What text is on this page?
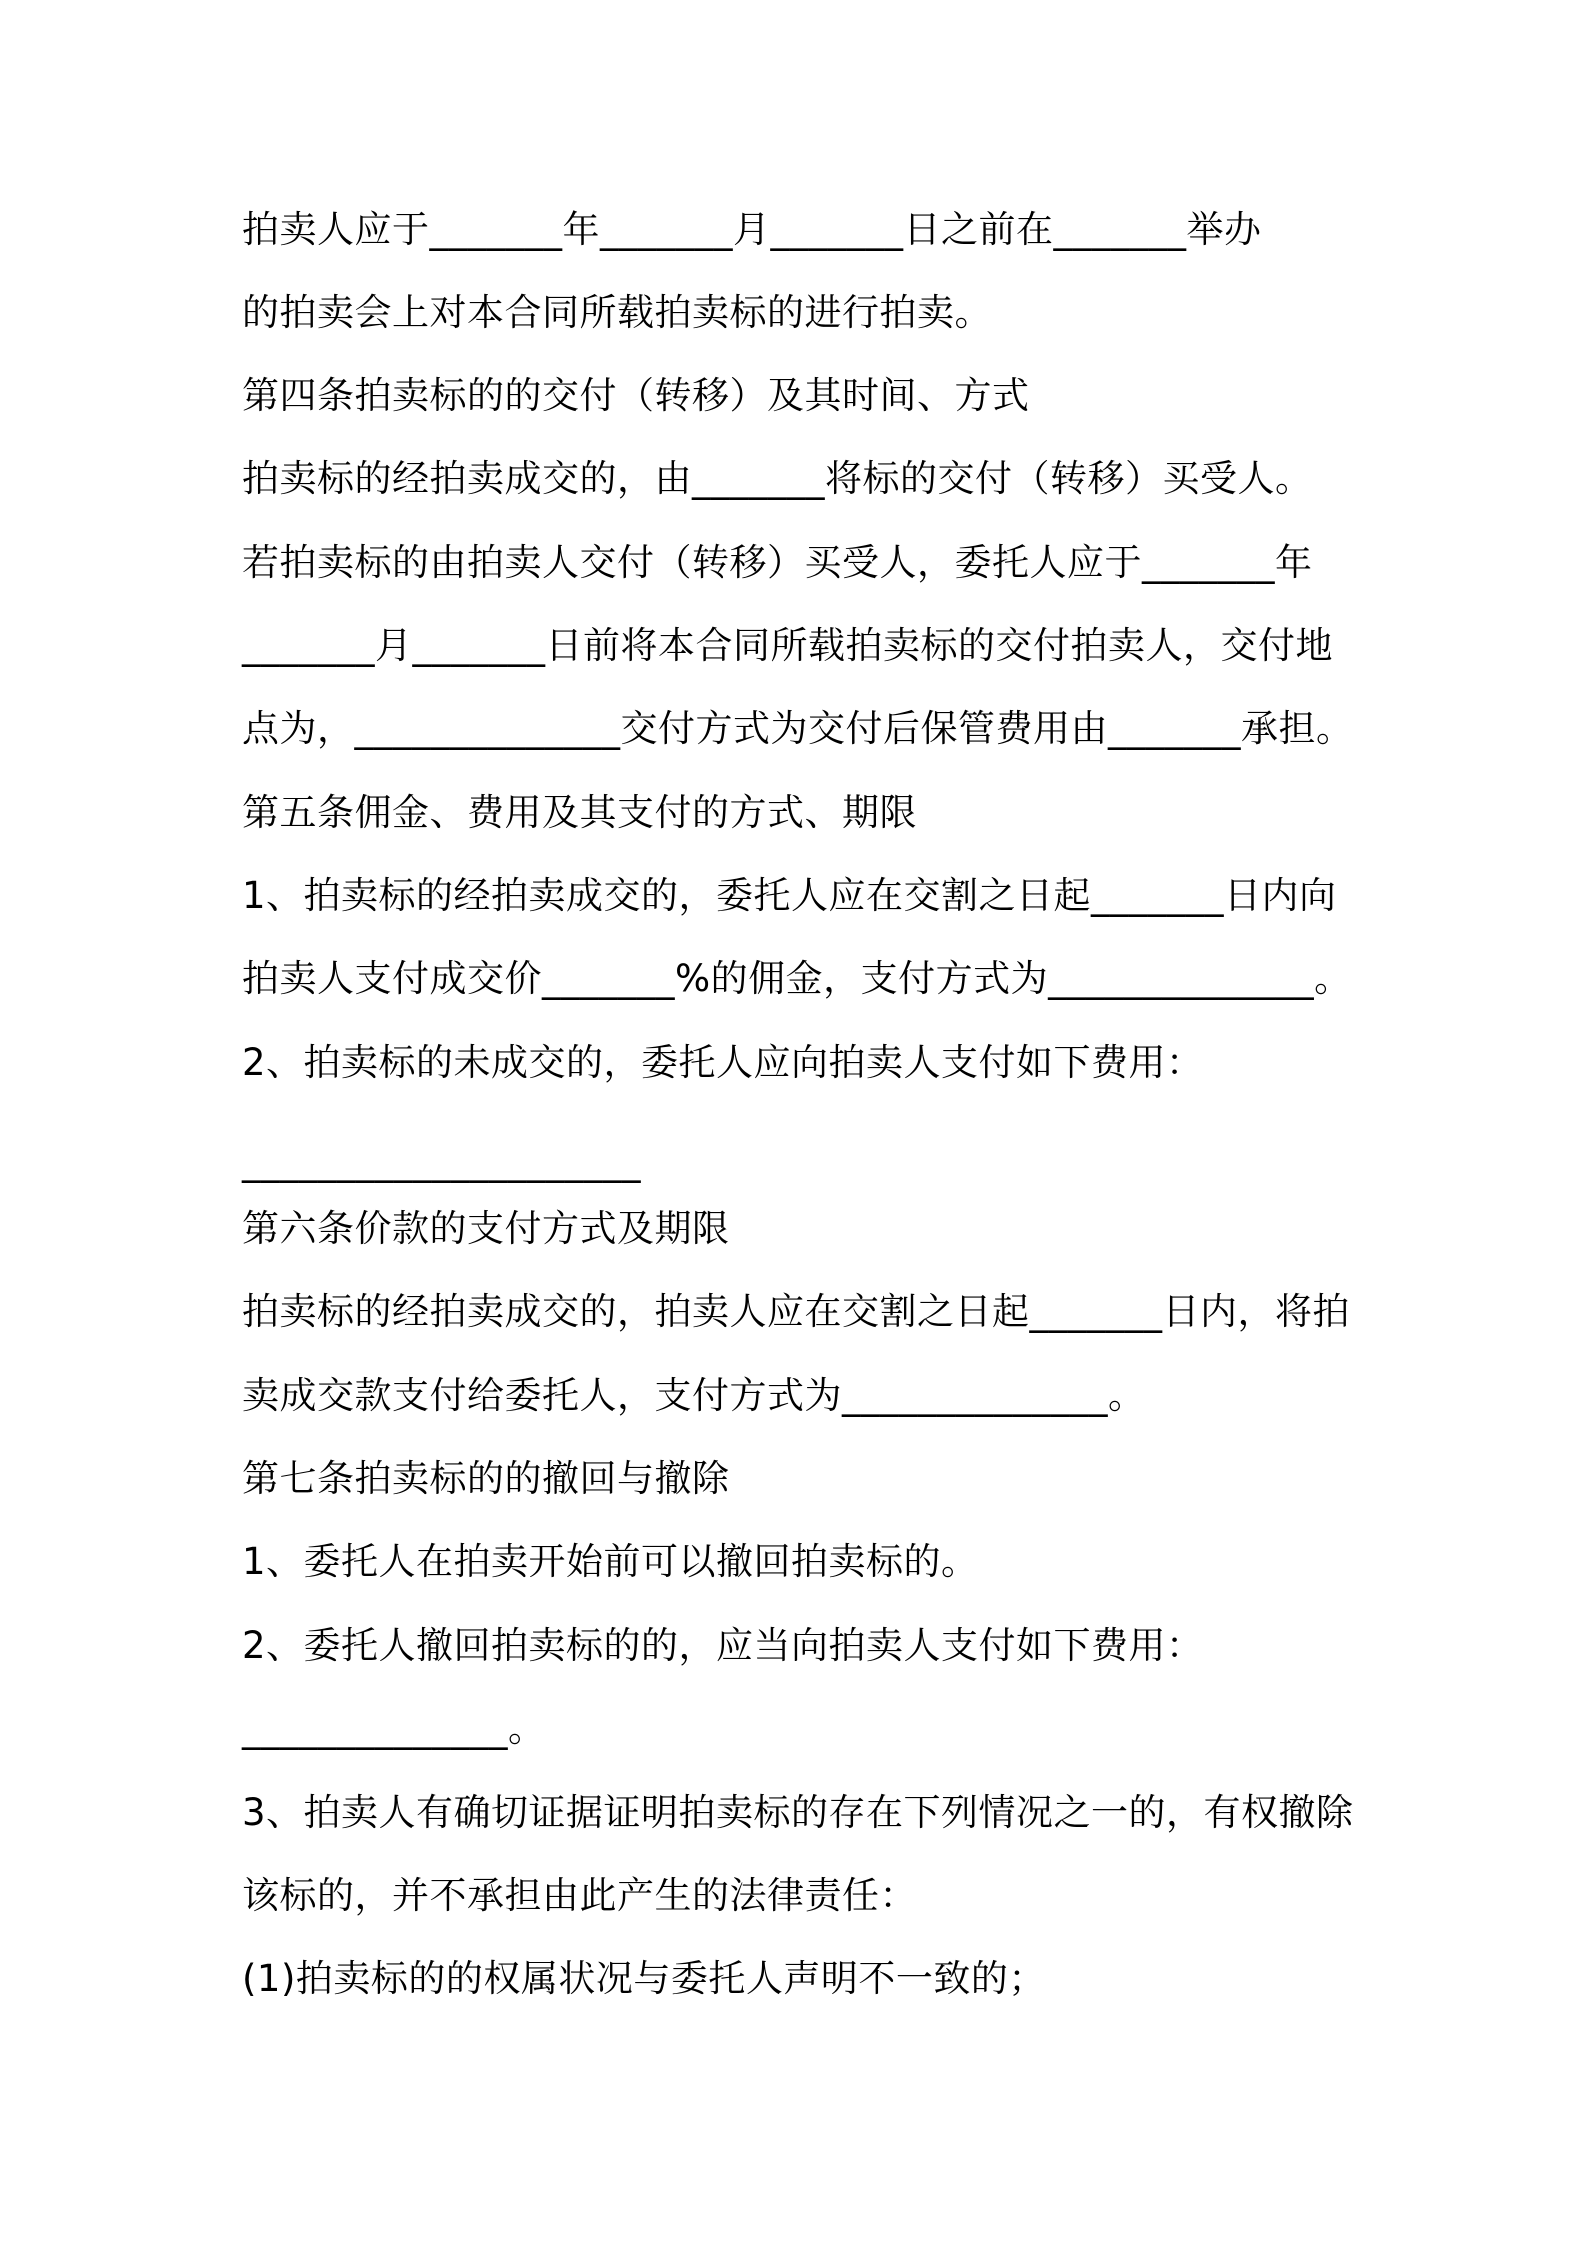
拍卖人应于_______年_______月_______日之前在_______举办
的拍卖会上对本合同所载拍卖标的进行拍卖。
第四条拍卖标的的交付（转移）及其时间、方式
拍卖标的经拍卖成交的，由_______将标的交付（转移）买受人。
若拍卖标的由拍卖人交付（转移）买受人，委托人应于_______年
_______月_______日前将本合同所载拍卖标的交付拍卖人，交付地
点为，______________交付方式为交付后保管费用由_______承担。
第五条佣金、费用及其支付的方式、期限
1、拍卖标的经拍卖成交的，委托人应在交割之日起_______日内向
拍卖人支付成交价_______%的佣金，支付方式为______________。
2、拍卖标的未成交的，委托人应向拍卖人支付如下费用：
_____________________
第六条价款的支付方式及期限
拍卖标的经拍卖成交的，拍卖人应在交割之日起_______日内，将拍
卖成交款支付给委托人，支付方式为______________。
第七条拍卖标的的撤回与撤除
1、委托人在拍卖开始前可以撤回拍卖标的。
2、委托人撤回拍卖标的的，应当向拍卖人支付如下费用：
______________。
3、拍卖人有确切证据证明拍卖标的存在下列情况之一的，有权撤除
该标的，并不承担由此产生的法律责任：
(1)拍卖标的的权属状况与委托人声明不一致的；
